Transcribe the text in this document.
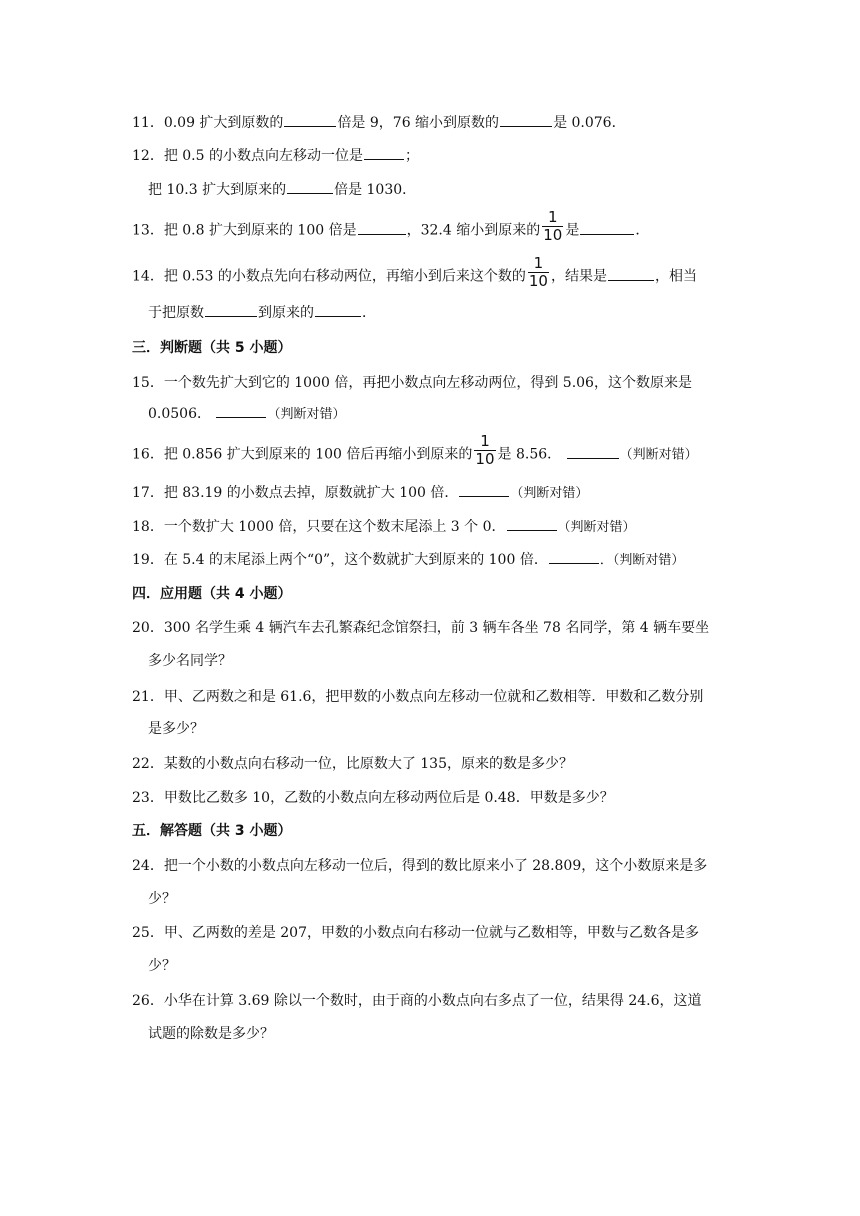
11．0.09 扩大到原数的	倍是 9，76 缩小到原数的	是 0.076．
12．把 0.5 的小数点向左移动一位是	；
把 10.3 扩大到原来的	倍是 1030．
13．把 0.8 扩大到原来的 100 倍是	，32.4 缩小到原来的 $\frac{1}{10}$ 是	．
14．把 0.53 的小数点先向右移动两位，再缩小到后来这个数的 $\frac{1}{10}$ ，结果是	，相当
于把原数	到原来的	．
三．判断题（共 5 小题）
15．一个数先扩大到它的 1000 倍，再把小数点向左移动两位，得到 5.06，这个数原来是
0.0506．	（判断对错）
16．把 0.856 扩大到原来的 100 倍后再缩小到原来的 $\frac{1}{10}$ 是 8.56．	（判断对错）
17．把 83.19 的小数点去掉，原数就扩大 100 倍．	（判断对错）
18．一个数扩大 1000 倍，只要在这个数末尾添上 3 个 0．	（判断对错）
19．在 5.4 的末尾添上两个“0”，这个数就扩大到原来的 100 倍．	．（判断对错）
四．应用题（共 4 小题）
20．300 名学生乘 4 辆汽车去孔繁森纪念馆祭扫，前 3 辆车各坐 78 名同学，第 4 辆车要坐
多少名同学？
21．甲、乙两数之和是 61.6，把甲数的小数点向左移动一位就和乙数相等．甲数和乙数分别
是多少？
22．某数的小数点向右移动一位，比原数大了 135，原来的数是多少？
23．甲数比乙数多 10，乙数的小数点向左移动两位后是 0.48．甲数是多少？
五．解答题（共 3 小题）
24．把一个小数的小数点向左移动一位后，得到的数比原来小了 28.809，这个小数原来是多
少？
25．甲、乙两数的差是 207，甲数的小数点向右移动一位就与乙数相等，甲数与乙数各是多
少？
26．小华在计算 3.69 除以一个数时，由于商的小数点向右多点了一位，结果得 24.6，这道
试题的除数是多少？
